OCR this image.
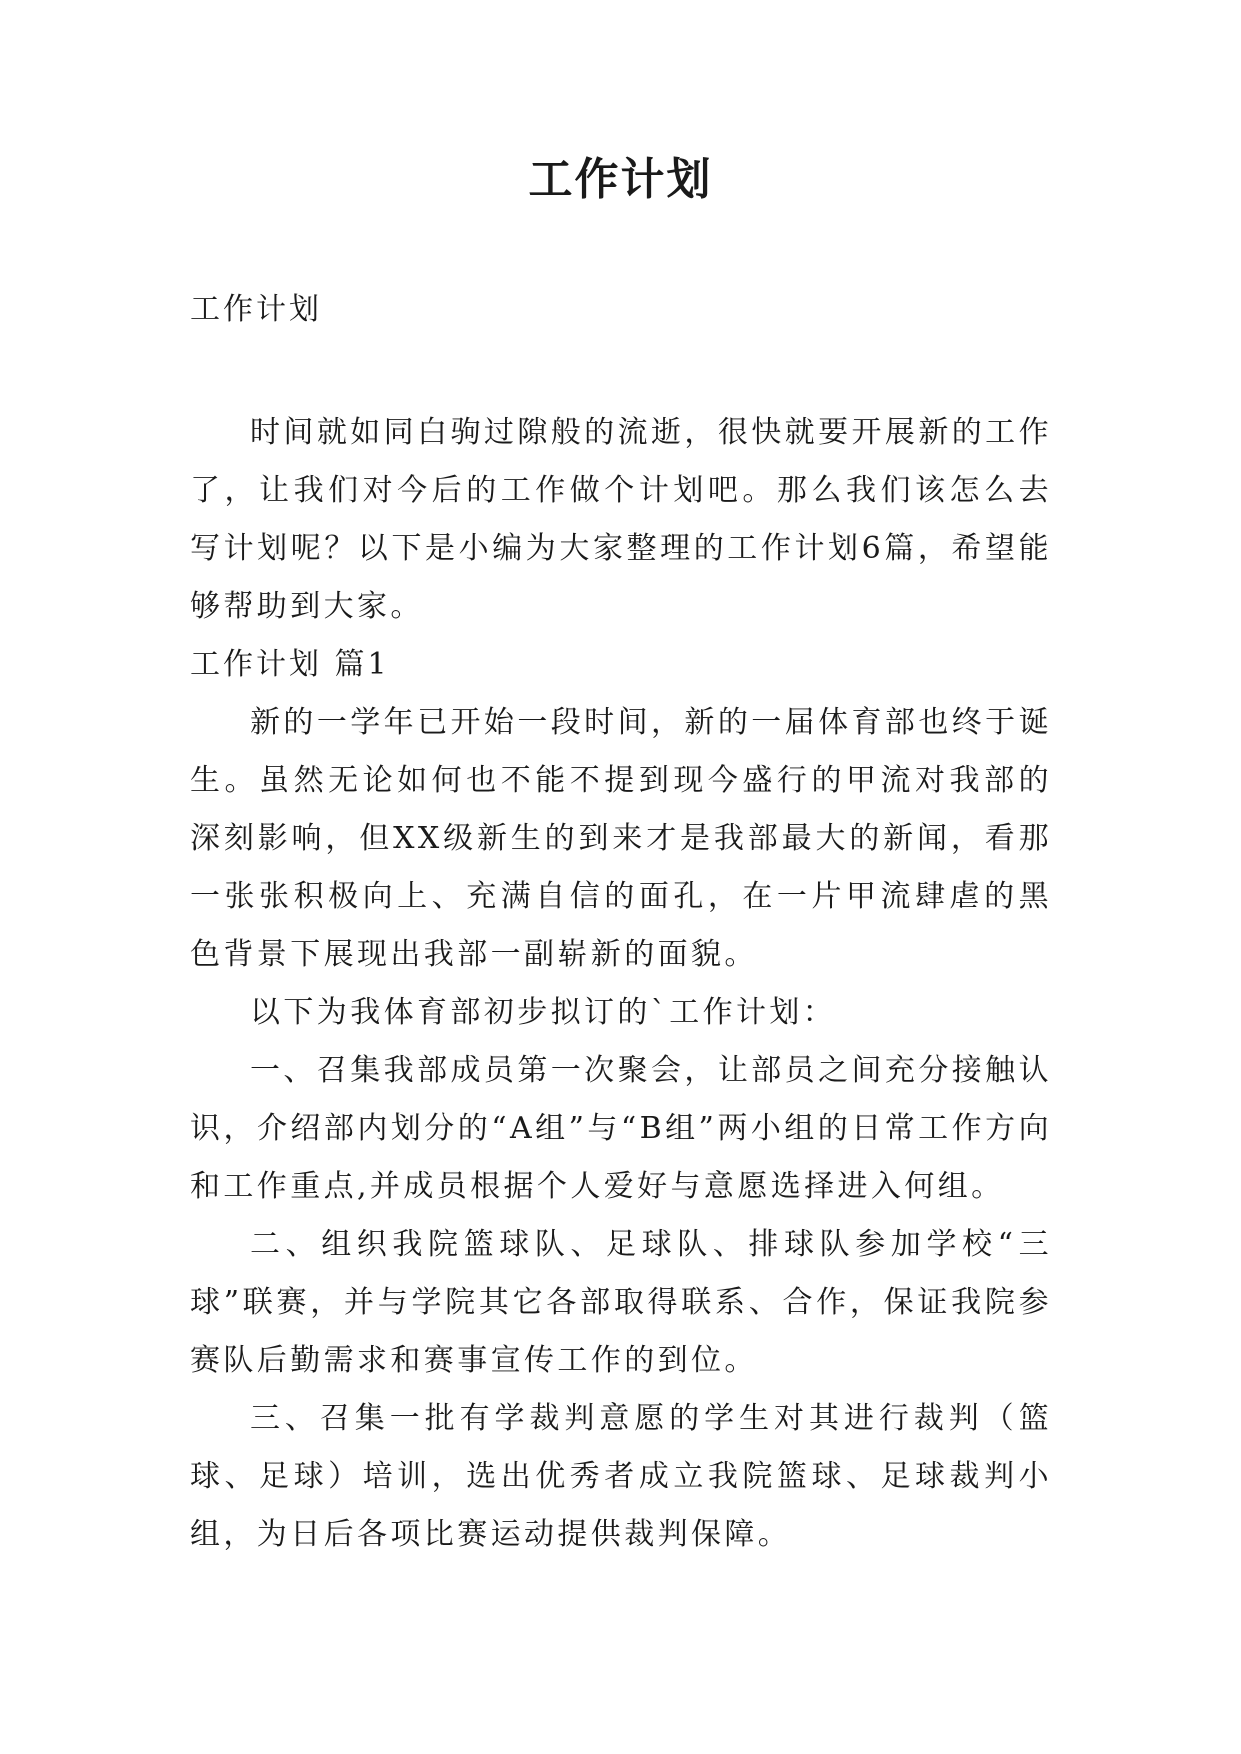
工作计划

工作计划

时间就如同白驹过隙般的流逝，很快就要开展新的工作了，让我们对今后的工作做个计划吧。那么我们该怎么去写计划呢？以下是小编为大家整理的工作计划6篇，希望能够帮助到大家。

工作计划 篇1

新的一学年已开始一段时间，新的一届体育部也终于诞生。虽然无论如何也不能不提到现今盛行的甲流对我部的深刻影响，但XX级新生的到来才是我部最大的新闻，看那一张张积极向上、充满自信的面孔，在一片甲流肆虐的黑色背景下展现出我部一副崭新的面貌。

以下为我体育部初步拟订的`工作计划：

一、召集我部成员第一次聚会，让部员之间充分接触认识，介绍部内划分的“A组”与“B组”两小组的日常工作方向和工作重点,并成员根据个人爱好与意愿选择进入何组。

二、组织我院篮球队、足球队、排球队参加学校“三球”联赛，并与学院其它各部取得联系、合作，保证我院参赛队后勤需求和赛事宣传工作的到位。

三、召集一批有学裁判意愿的学生对其进行裁判（篮球、足球）培训，选出优秀者成立我院篮球、足球裁判小组，为日后各项比赛运动提供裁判保障。
